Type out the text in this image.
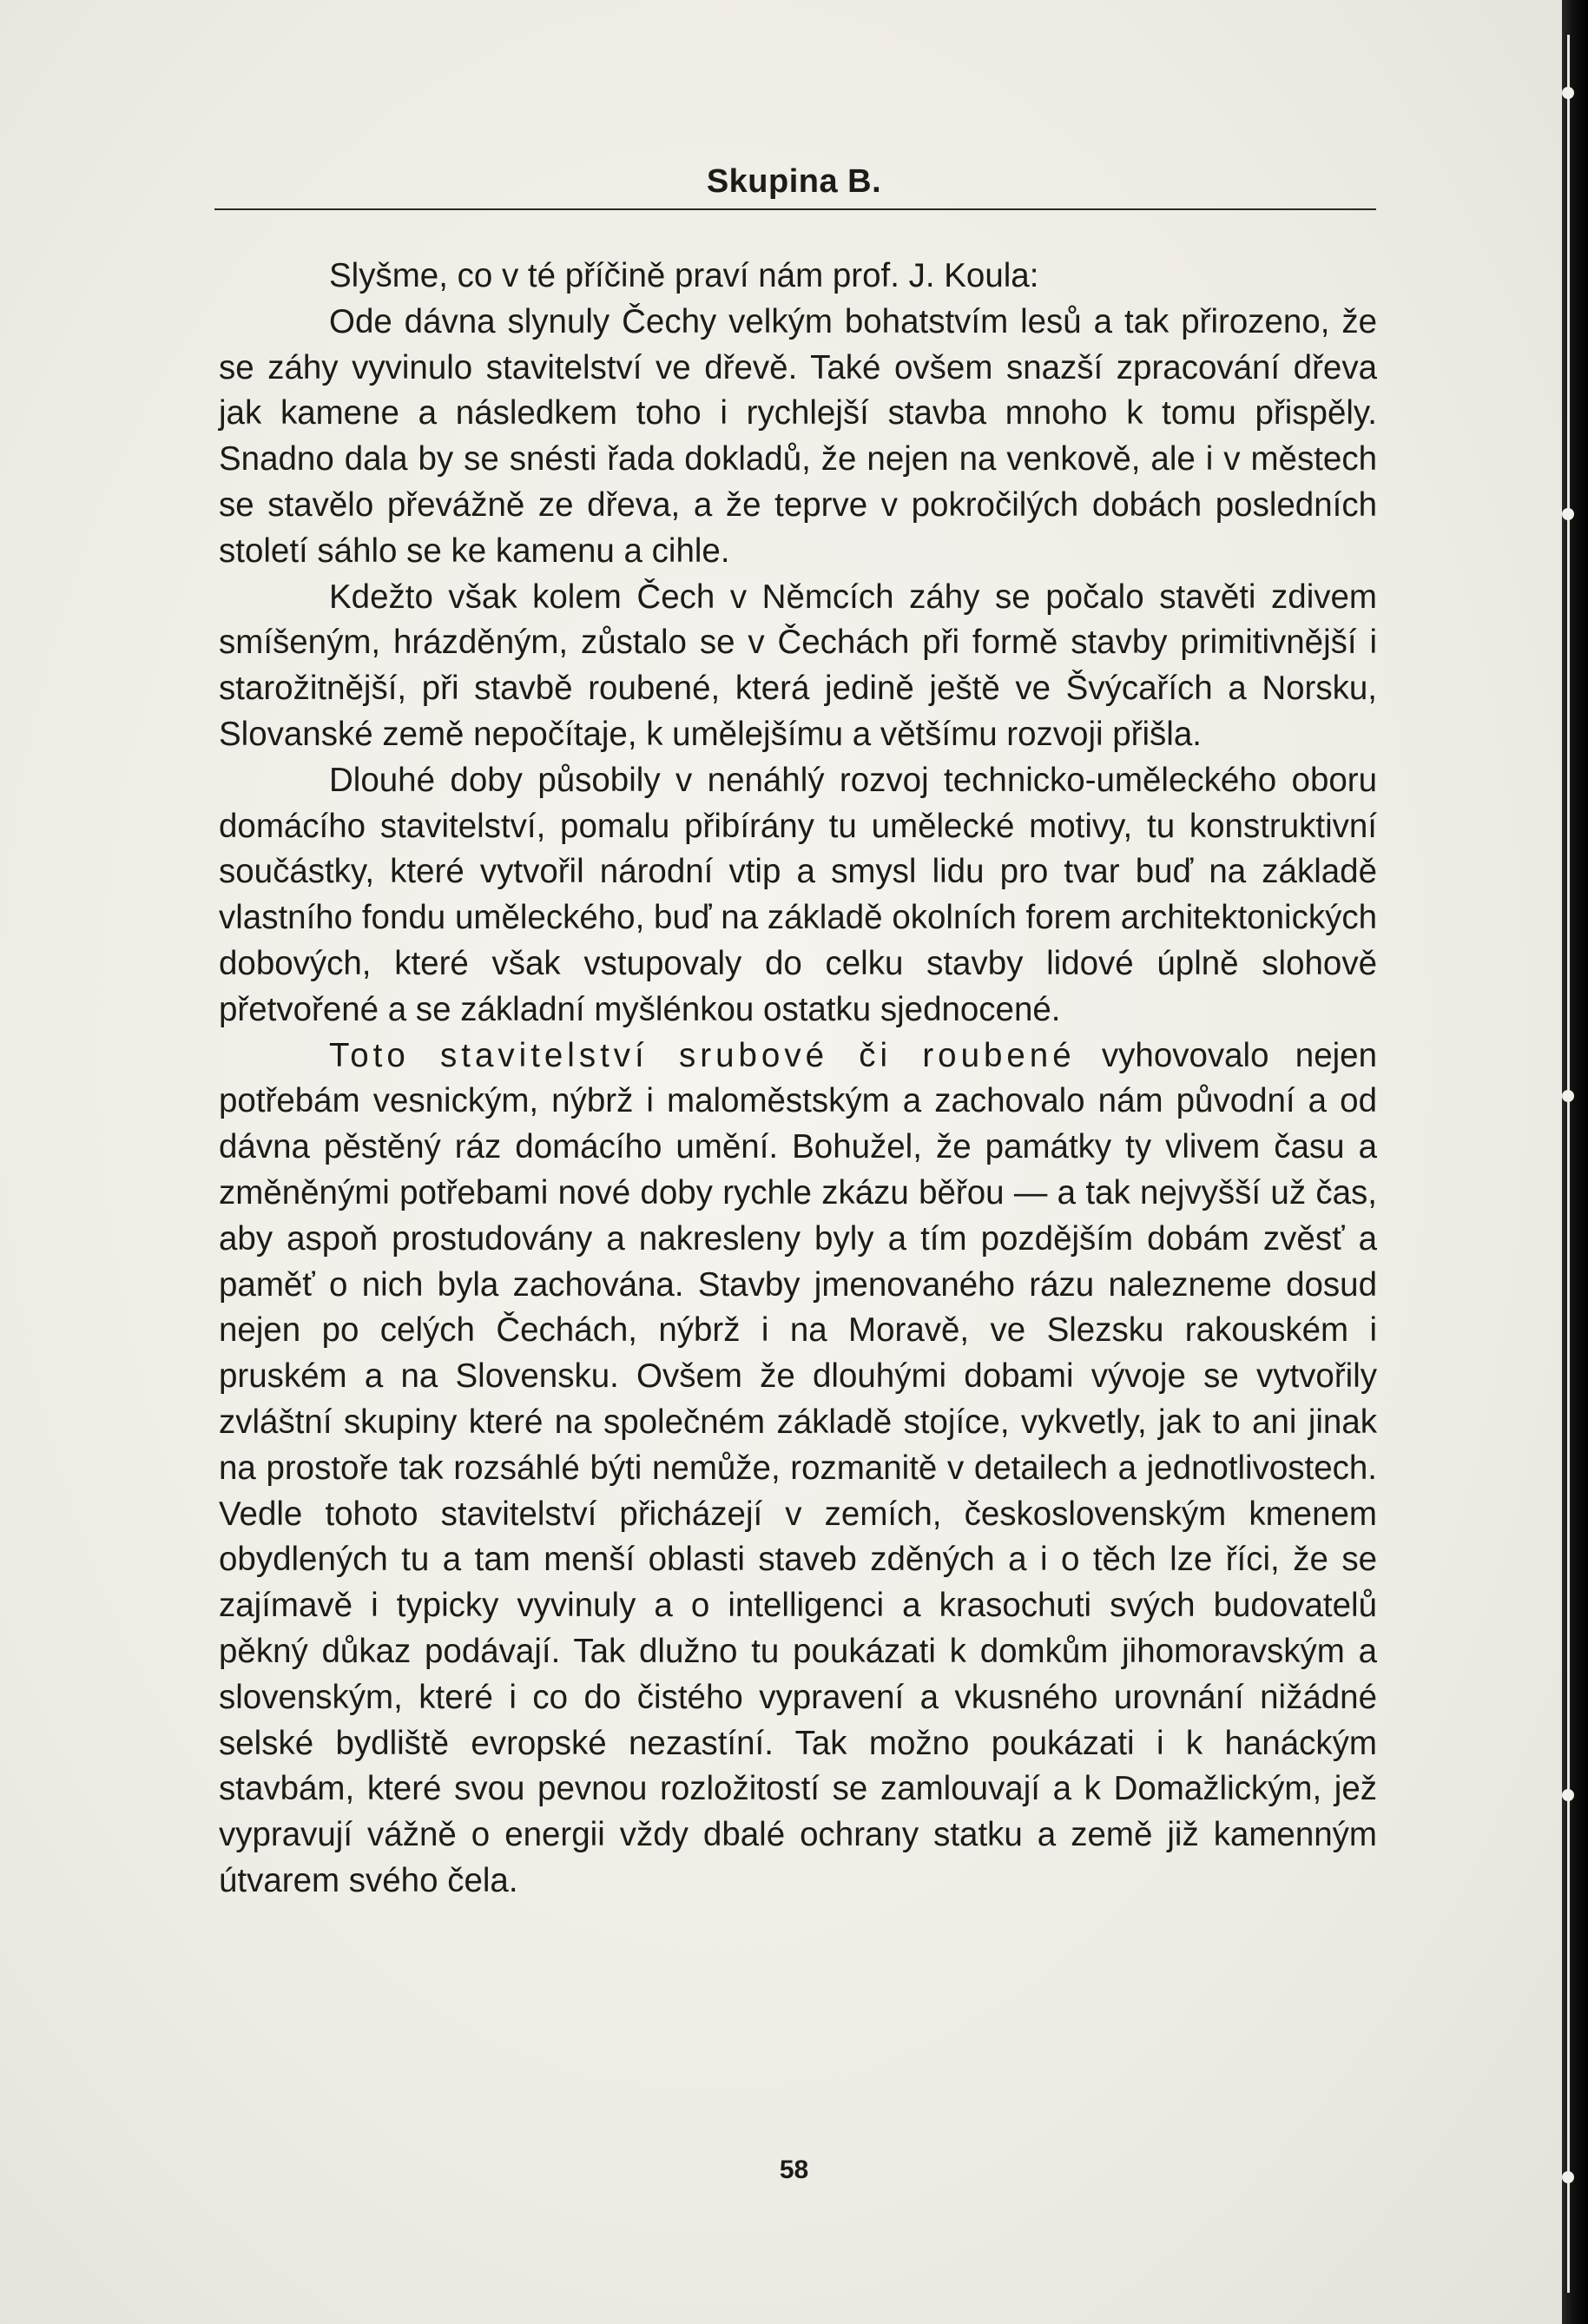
Skupina B.

Slyšme, co v té příčině praví nám prof. J. Koula:

Ode dávna slynuly Čechy velkým bohatstvím lesů a tak přirozeno, že se záhy vyvinulo stavitelství ve dřevě. Také ovšem snazší zpracování dřeva jak kamene a následkem toho i rychlejší stavba mnoho k tomu přispěly. Snadno dala by se snésti řada dokladů, že nejen na venkově, ale i v městech se stavělo převážně ze dřeva, a že teprve v pokročilých dobách posledních století sáhlo se ke kamenu a cihle.

Kdežto však kolem Čech v Němcích záhy se počalo stavěti zdivem smíšeným, hrázděným, zůstalo se v Čechách při formě stavby primitivnější i starožitnější, při stavbě roubené, která jedině ještě ve Švýcařích a Norsku, Slovanské země nepočítaje, k umělejšímu a většímu rozvoji přišla.

Dlouhé doby působily v nenáhlý rozvoj technicko-uměleckého oboru domácího stavitelství, pomalu přibírány tu umělecké motivy, tu konstruktivní součástky, které vytvořil národní vtip a smysl lidu pro tvar buď na základě vlastního fondu uměleckého, buď na základě okolních forem architektonických dobových, které však vstupovaly do celku stavby lidové úplně slohově přetvořené a se základní myšlénkou ostatku sjednocené.

Toto stavitelství srubové či roubené vyhovovalo nejen potřebám vesnickým, nýbrž i maloměstským a zachovalo nám původní a od dávna pěstěný ráz domácího umění. Bohužel, že památky ty vlivem času a změněnými potřebami nové doby rychle zkázu běřou — a tak nejvyšší už čas, aby aspoň prostudovány a nakresleny byly a tím pozdějším dobám zvěsť a paměť o nich byla zachována. Stavby jmenovaného rázu nalezneme dosud nejen po celých Čechách, nýbrž i na Moravě, ve Slezsku rakouském i pruském a na Slovensku. Ovšem že dlouhými dobami vývoje se vytvořily zvláštní skupiny které na společném základě stojíce, vykvetly, jak to ani jinak na prostoře tak rozsáhlé býti nemůže, rozmanitě v detailech a jednotlivostech. Vedle tohoto stavitelství přicházejí v zemích, československým kmenem obydlených tu a tam menší oblasti staveb zděných a i o těch lze říci, že se zajímavě i typicky vyvinuly a o intelligenci a krasochuti svých budovatelů pěkný důkaz podávají. Tak dlužno tu poukázati k domkům jihomoravským a slovenským, které i co do čistého vypravení a vkusného urovnání nižádné selské bydliště evropské nezastíní. Tak možno poukázati i k hanáckým stavbám, které svou pevnou rozložitostí se zamlouvají a k Domažlickým, jež vypravují vážně o energii vždy dbalé ochrany statku a země již kamenným útvarem svého čela.

58
